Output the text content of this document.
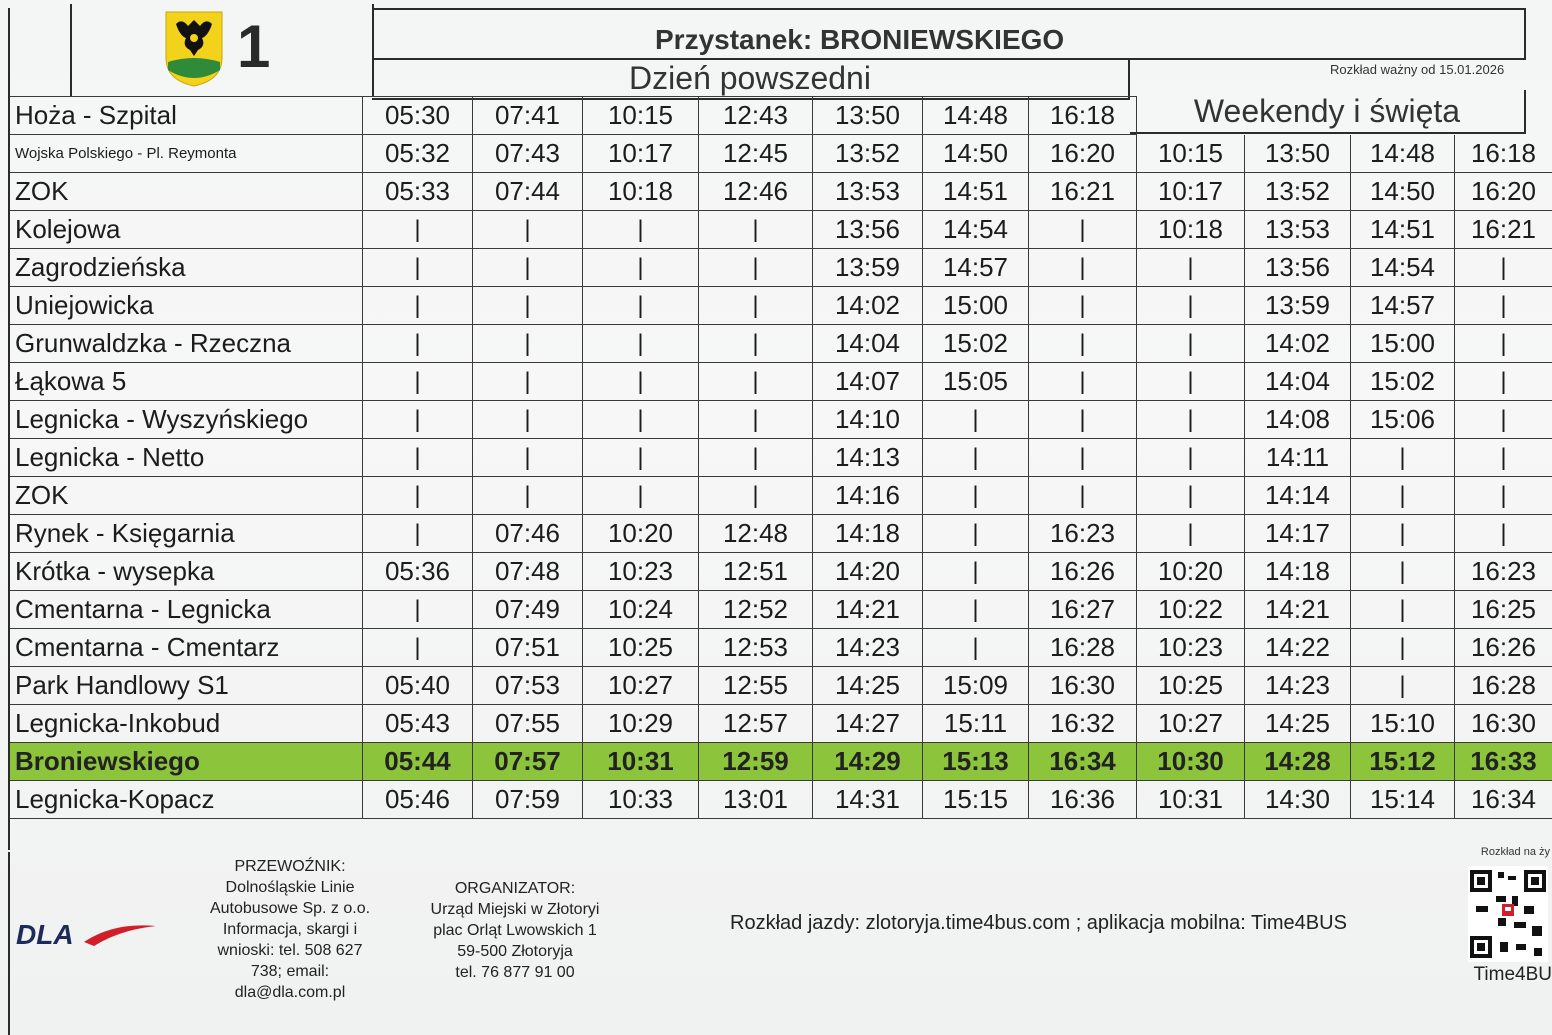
1	Przystanek: BRONIEWSKIEGO
Rozkład ważny od 15.01.2026
Dzień powszedni
Weekendy i święta
Hoża - Szpital	05:30	07:41	10:15	12:43	13:50	14:48	16:18				
Wojska Polskiego - Pl. Reymonta	05:32	07:43	10:17	12:45	13:52	14:50	16:20	10:15	13:50	14:48	16:18
ZOK	05:33	07:44	10:18	12:46	13:53	14:51	16:21	10:17	13:52	14:50	16:20
Kolejowa	|	|	|	|	13:56	14:54	|	10:18	13:53	14:51	16:21
Zagrodzieńska	|	|	|	|	13:59	14:57	|	|	13:56	14:54	|
Uniejowicka	|	|	|	|	14:02	15:00	|	|	13:59	14:57	|
Grunwaldzka - Rzeczna	|	|	|	|	14:04	15:02	|	|	14:02	15:00	|
Łąkowa 5	|	|	|	|	14:07	15:05	|	|	14:04	15:02	|
Legnicka - Wyszyńskiego	|	|	|	|	14:10	|	|	|	14:08	15:06	|
Legnicka - Netto	|	|	|	|	14:13	|	|	|	14:11	|	|
ZOK	|	|	|	|	14:16	|	|	|	14:14	|	|
Rynek - Księgarnia	|	07:46	10:20	12:48	14:18	|	16:23	|	14:17	|	|
Krótka - wysepka	05:36	07:48	10:23	12:51	14:20	|	16:26	10:20	14:18	|	16:23
Cmentarna - Legnicka	|	07:49	10:24	12:52	14:21	|	16:27	10:22	14:21	|	16:25
Cmentarna - Cmentarz	|	07:51	10:25	12:53	14:23	|	16:28	10:23	14:22	|	16:26
Park Handlowy S1	05:40	07:53	10:27	12:55	14:25	15:09	16:30	10:25	14:23	|	16:28
Legnicka-Inkobud	05:43	07:55	10:29	12:57	14:27	15:11	16:32	10:27	14:25	15:10	16:30
Broniewskiego	05:44	07:57	10:31	12:59	14:29	15:13	16:34	10:30	14:28	15:12	16:33
Legnicka-Kopacz	05:46	07:59	10:33	13:01	14:31	15:15	16:36	10:31	14:30	15:14	16:34
DLA
PRZEWOŹNIK:
Dolnośląskie Linie
Autobusowe Sp. z o.o.
Informacja, skargi i
wnioski: tel. 508 627
738; email:
dla@dla.com.pl
ORGANIZATOR:
Urząd Miejski w Złotoryi
plac Orląt Lwowskich 1
59-500 Złotoryja
tel. 76 877 91 00
Rozkład jazdy: zlotoryja.time4bus.com ; aplikacja mobilna: Time4BUS
Rozkład na ży
Time4BU
